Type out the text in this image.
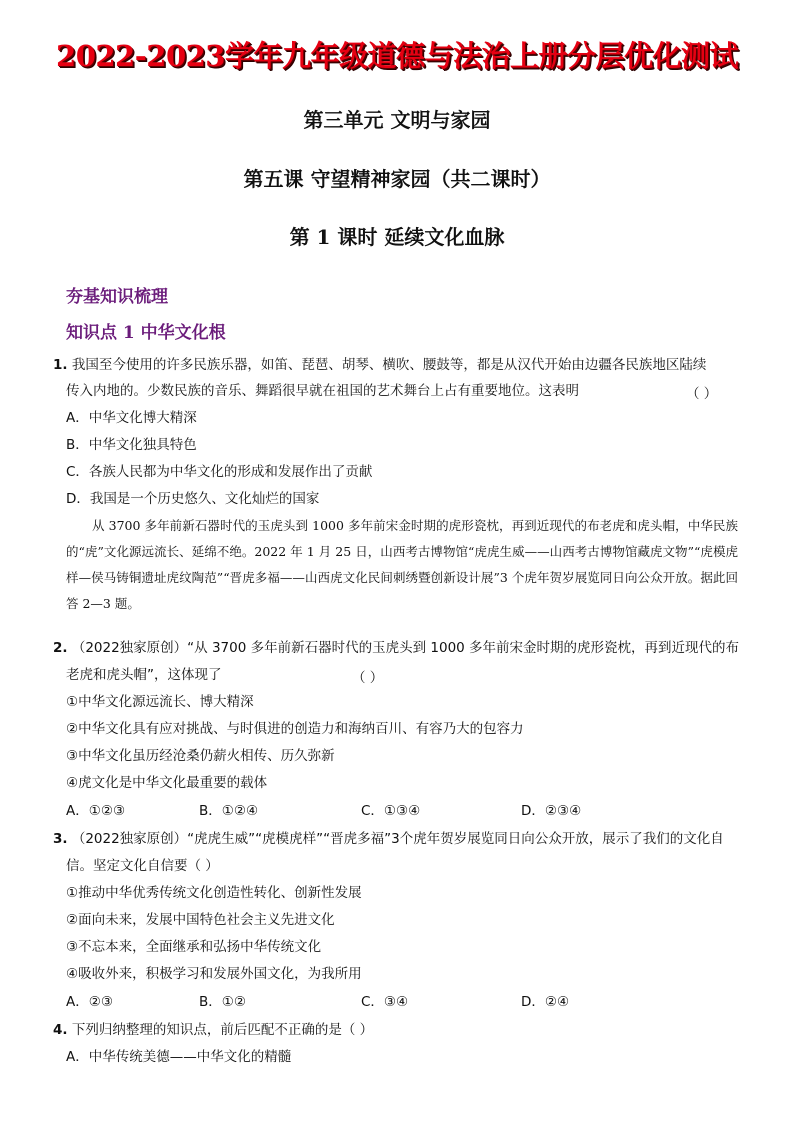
2022-2023学年九年级道德与法治上册分层优化测试
第三单元 文明与家园
第五课 守望精神家园（共二课时）
第 1 课时 延续文化血脉
夯基知识梳理
知识点 1 中华文化根
1. 我国至今使用的许多民族乐器，如笛、琵琶、胡琴、横吹、腰鼓等，都是从汉代开始由边疆各民族地区陆续
传入内地的。少数民族的音乐、舞蹈很早就在祖国的艺术舞台上占有重要地位。这表明	（ ）
A．中华文化博大精深
B．中华文化独具特色
C．各族人民都为中华文化的形成和发展作出了贡献
D．我国是一个历史悠久、文化灿烂的国家
从 3700 多年前新石器时代的玉虎头到 1000 多年前宋金时期的虎形瓷枕，再到近现代的布老虎和虎头帽，中华民族的“虎”文化源远流长、延绵不绝。2022 年 1 月 25 日，山西考古博物馆“虎虎生威——山西考古博物馆藏虎文物”“虎模虎样—侯马铸铜遗址虎纹陶范”“晋虎多福——山西虎文化民间刺绣暨创新设计展”3 个虎年贺岁展览同日向公众开放。据此回答 2—3 题。
2. （2022独家原创）“从 3700 多年前新石器时代的玉虎头到 1000 多年前宋金时期的虎形瓷枕，再到近现代的布
老虎和虎头帽”，这体现了	（ ）
①中华文化源远流长、博大精深
②中华文化具有应对挑战、与时俱进的创造力和海纳百川、有容乃大的包容力
③中华文化虽历经沧桑仍薪火相传、历久弥新
④虎文化是中华文化最重要的载体
A．①②③	B．①②④	C．①③④	D．②③④
3. （2022独家原创）“虎虎生威”“虎模虎样”“晋虎多福”3个虎年贺岁展览同日向公众开放，展示了我们的文化自
信。坚定文化自信要（ ）
①推动中华优秀传统文化创造性转化、创新性发展
②面向未来，发展中国特色社会主义先进文化
③不忘本来，全面继承和弘扬中华传统文化
④吸收外来，积极学习和发展外国文化，为我所用
A．②③	B．①②	C．③④	D．②④
4. 下列归纳整理的知识点，前后匹配不正确的是（ ）
A．中华传统美德——中华文化的精髓
